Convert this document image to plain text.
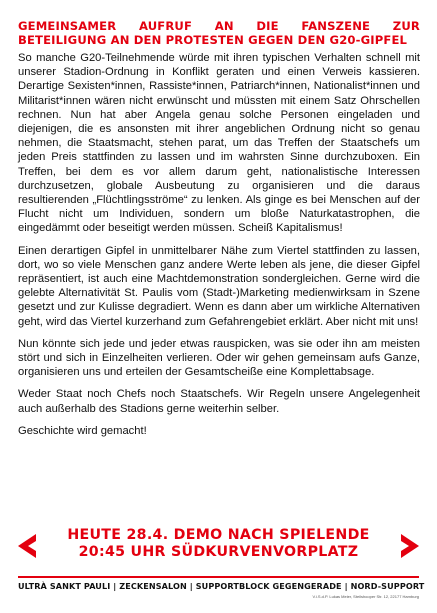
GEMEINSAMER AUFRUF AN DIE FANSZENE ZUR
BETEILIGUNG AN DEN PROTESTEN GEGEN DEN G20-GIPFEL

So manche G20-Teilnehmende würde mit ihren typischen Verhalten schnell mit unserer Stadion-Ordnung in Konflikt geraten und einen Verweis kassieren. Derartige Sexisten*innen, Rassiste*innen, Patriarch*innen, Nationalist*innen und Militarist*innen wären nicht erwünscht und müssten mit einem Satz Ohrschellen rechnen. Nun hat aber Angela genau solche Personen eingeladen und diejenigen, die es ansonsten mit ihrer angeblichen Ordnung nicht so genau nehmen, die Staatsmacht, stehen parat, um das Treffen der Staatschefs um jeden Preis stattfinden zu lassen und im wahrsten Sinne durchzuboxen. Ein Treffen, bei dem es vor allem darum geht, nationalistische Interessen durchzusetzen, globale Ausbeutung zu organisieren und die daraus resultierenden „Flüchtlingsströme“ zu lenken. Als ginge es bei Menschen auf der Flucht nicht um Individuen, sondern um bloße Naturkatastrophen, die eingedämmt oder beseitigt werden müssen. Scheiß Kapitalismus!

Einen derartigen Gipfel in unmittelbarer Nähe zum Viertel stattfinden zu lassen, dort, wo so viele Menschen ganz andere Werte leben als jene, die dieser Gipfel repräsentiert, ist auch eine Machtdemonstration sondergleichen. Gerne wird die gelebte Alternativität St. Paulis vom (Stadt-)Marketing medienwirksam in Szene gesetzt und zur Kulisse degradiert. Wenn es dann aber um wirkliche Alternativen geht, wird das Viertel kurzerhand zum Gefahrengebiet erklärt. Aber nicht mit uns!

Nun könnte sich jede und jeder etwas rauspicken, was sie oder ihn am meisten stört und sich in Einzelheiten verlieren. Oder wir gehen gemeinsam aufs Ganze, organisieren uns und erteilen der Gesamtscheiße eine Komplettabsage.

Weder Staat noch Chefs noch Staatschefs. Wir Regeln unsere Angelegenheit auch außerhalb des Stadions gerne weiterhin selber.

Geschichte wird gemacht!

HEUTE 28.4. DEMO NACH SPIELENDE
20:45 UHR SÜDKURVENVORPLATZ
ULTRÀ SANKT PAULI | ZECKENSALON | SUPPORTBLOCK GEGENGERADE | NORD-SUPPORT
V.i.S.d.P. Lukas Meier, Steilshooper Str. 12, 22177 Hamburg
